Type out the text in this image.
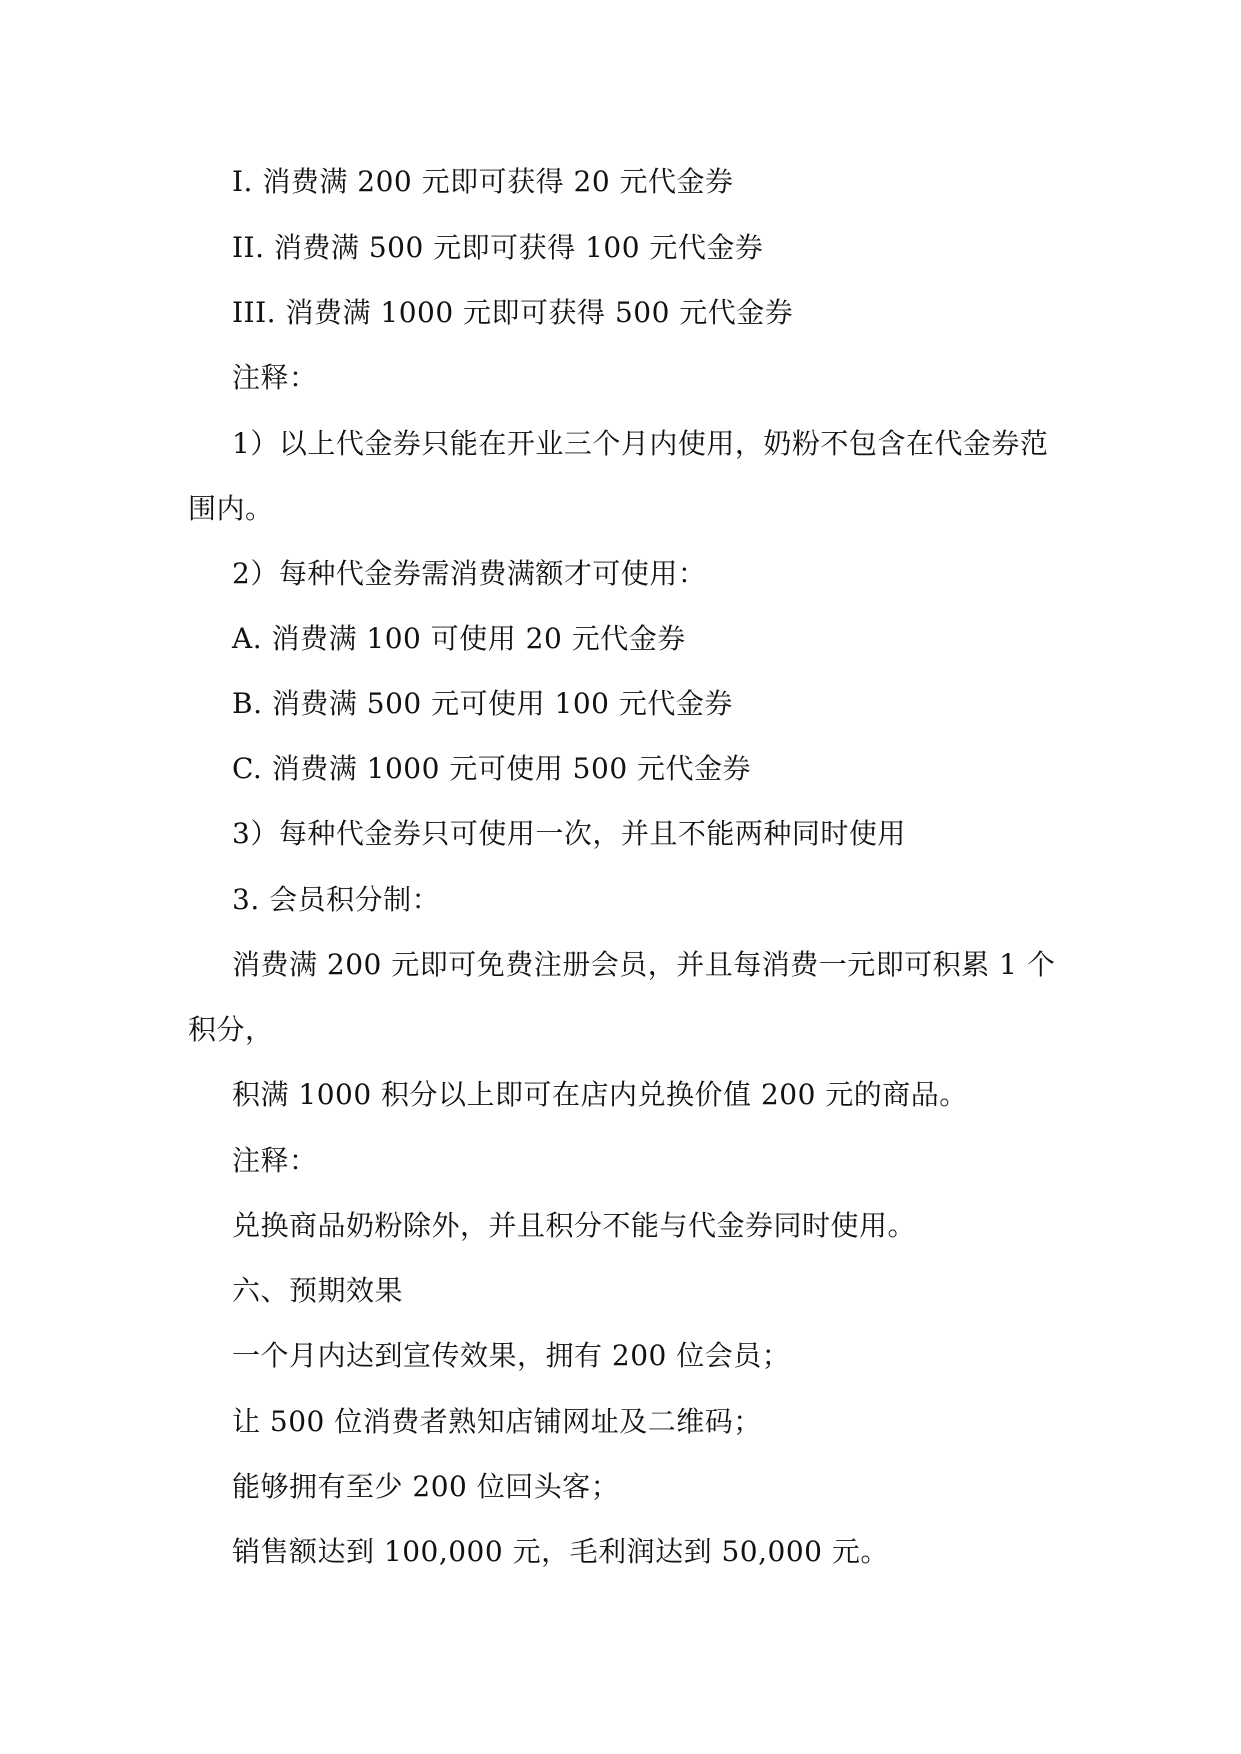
I. 消费满 200 元即可获得 20 元代金券
II. 消费满 500 元即可获得 100 元代金券
III. 消费满 1000 元即可获得 500 元代金券
注释：
1）以上代金券只能在开业三个月内使用，奶粉不包含在代金券范
围内。
2）每种代金券需消费满额才可使用：
A. 消费满 100 可使用 20 元代金券
B. 消费满 500 元可使用 100 元代金券
C. 消费满 1000 元可使用 500 元代金券
3）每种代金券只可使用一次，并且不能两种同时使用
3. 会员积分制：
消费满 200 元即可免费注册会员，并且每消费一元即可积累 1 个
积分，
积满 1000 积分以上即可在店内兑换价值 200 元的商品。
注释：
兑换商品奶粉除外，并且积分不能与代金券同时使用。
六、预期效果
一个月内达到宣传效果，拥有 200 位会员；
让 500 位消费者熟知店铺网址及二维码；
能够拥有至少 200 位回头客；
销售额达到 100,000 元，毛利润达到 50,000 元。
